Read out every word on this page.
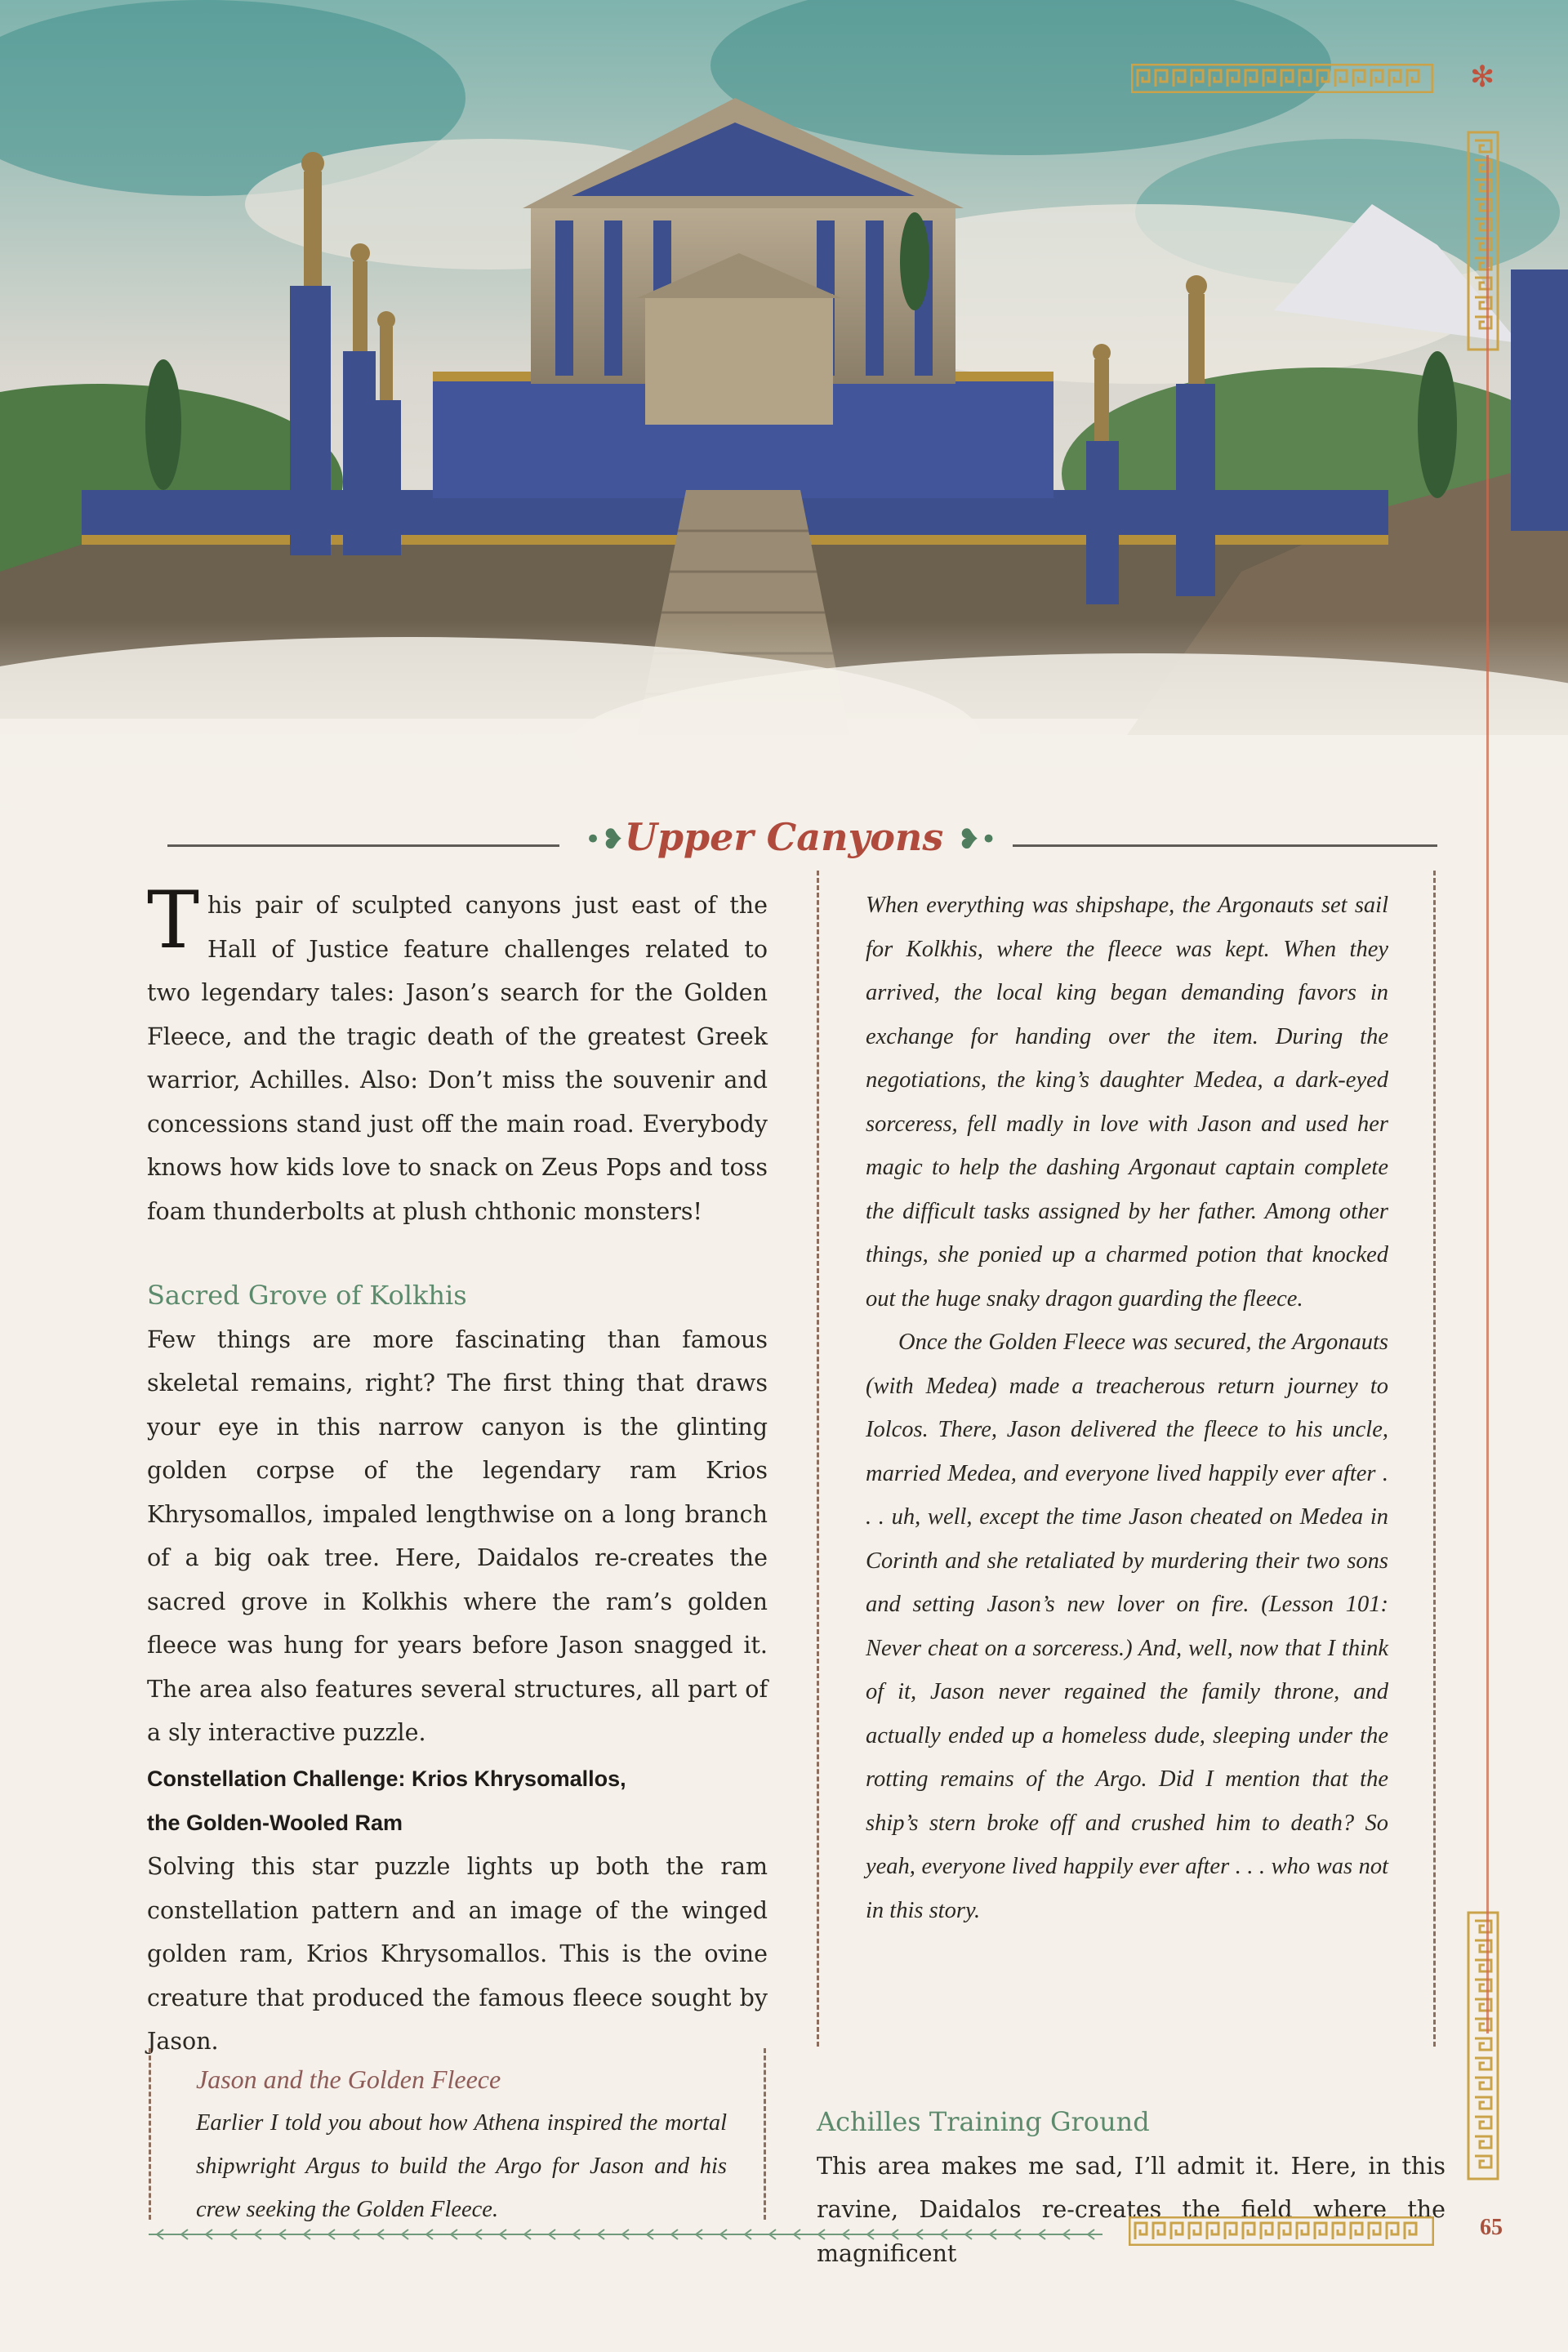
✻
•❥ Upper Canyons ❥•
T his pair of sculpted canyons just east of the Hall of Justice feature challenges related to two legendary tales: Jason’s search for the Golden Fleece, and the tragic death of the greatest Greek warrior, Achilles. Also: Don’t miss the souvenir and concessions stand just off the main road. Everybody knows how kids love to snack on Zeus Pops and toss foam thunderbolts at plush chthonic monsters!

Sacred Grove of Kolkhis

Few things are more fascinating than famous skeletal remains, right? The first thing that draws your eye in this narrow canyon is the glinting golden corpse of the legendary ram Krios Khrysomallos, impaled lengthwise on a long branch of a big oak tree. Here, Daidalos re-creates the sacred grove in Kolkhis where the ram’s golden fleece was hung for years before Jason snagged it. The area also features several structures, all part of a sly interactive puzzle.

Constellation Challenge: Krios Khrysomallos,

the Golden-Wooled Ram

Solving this star puzzle lights up both the ram constellation pattern and an image of the winged golden ram, Krios Khrysomallos. This is the ovine creature that produced the famous fleece sought by Jason.

Jason and the Golden Fleece

Earlier I told you about how Athena inspired the mortal shipwright Argus to build the Argo for Jason and his crew seeking the Golden Fleece.

When everything was shipshape, the Argonauts set sail for Kolkhis, where the fleece was kept. When they arrived, the local king began demanding favors in exchange for handing over the item. During the negotiations, the king’s daughter Medea, a dark-eyed sorceress, fell madly in love with Jason and used her magic to help the dashing Argonaut captain complete the difficult tasks assigned by her father. Among other things, she ponied up a charmed potion that knocked out the huge snaky dragon guarding the fleece.

Once the Golden Fleece was secured, the Argonauts (with Medea) made a treacherous return journey to Iolcos. There, Jason delivered the fleece to his uncle, married Medea, and everyone lived happily ever after . . . uh, well, except the time Jason cheated on Medea in Corinth and she retaliated by murdering their two sons and setting Jason’s new lover on fire. (Lesson 101: Never cheat on a sorceress.) And, well, now that I think of it, Jason never regained the family throne, and actually ended up a homeless dude, sleeping under the rotting remains of the Argo. Did I mention that the ship’s stern broke off and crushed him to death? So yeah, everyone lived happily ever after . . . who was not in this story.

Achilles Training Ground

This area makes me sad, I’ll admit it. Here, in this ravine, Daidalos re-creates the field where the magnificent

65
